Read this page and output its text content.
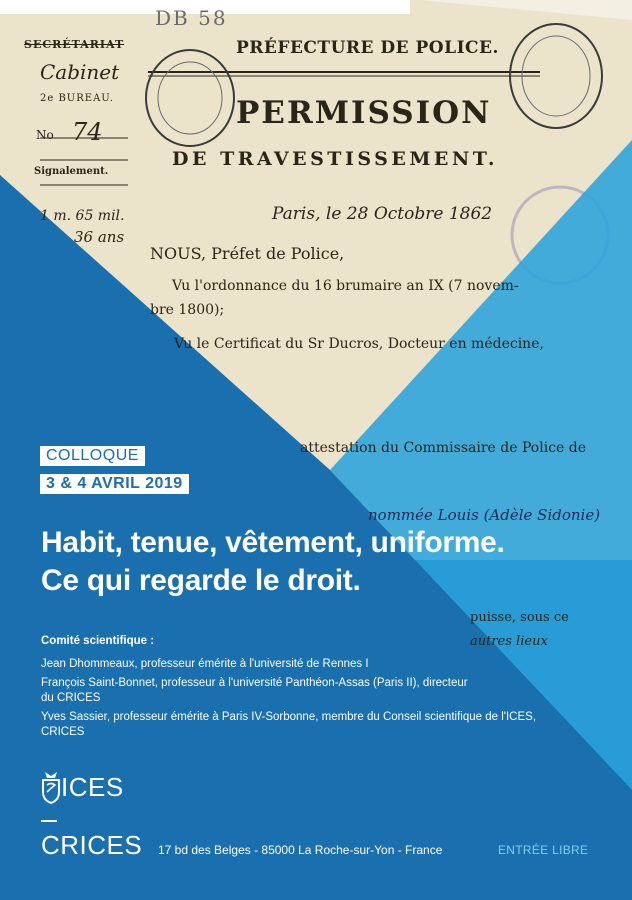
DB 58
SECRÉTARIAT
Cabinet
2e BUREAU.
No 74
Signalement.
1 m. 65 mil.
36 ans
PRÉFECTURE DE POLICE.
PERMISSION
DE TRAVESTISSEMENT.
Paris, le 28 Octobre 1862
NOUS, Préfet de Police,
Vu l'ordonnance du 16 brumaire an IX (7 novem-
bre 1800);
Vu le Certificat du Sr Ducros, Docteur en médecine,
attestation du Commissaire de Police de
nommée Louis (Adèle Sidonie)
puisse, sous ce
autres lieux
COLLOQUE
3 & 4 AVRIL 2019
Habit, tenue, vêtement, uniforme.
Ce qui regarde le droit.
Comité scientifique :
Jean Dhommeaux, professeur émérite à l'université de Rennes I
François Saint-Bonnet, professeur à l'université Panthéon-Assas (Paris II), directeur du CRICES
Yves Sassier, professeur émérite à Paris IV-Sorbonne, membre du Conseil scientifique de l'ICES, CRICES
ICES
CRICES 17 bd des Belges - 85000 La Roche-sur-Yon - France	ENTRÉE LIBRE
